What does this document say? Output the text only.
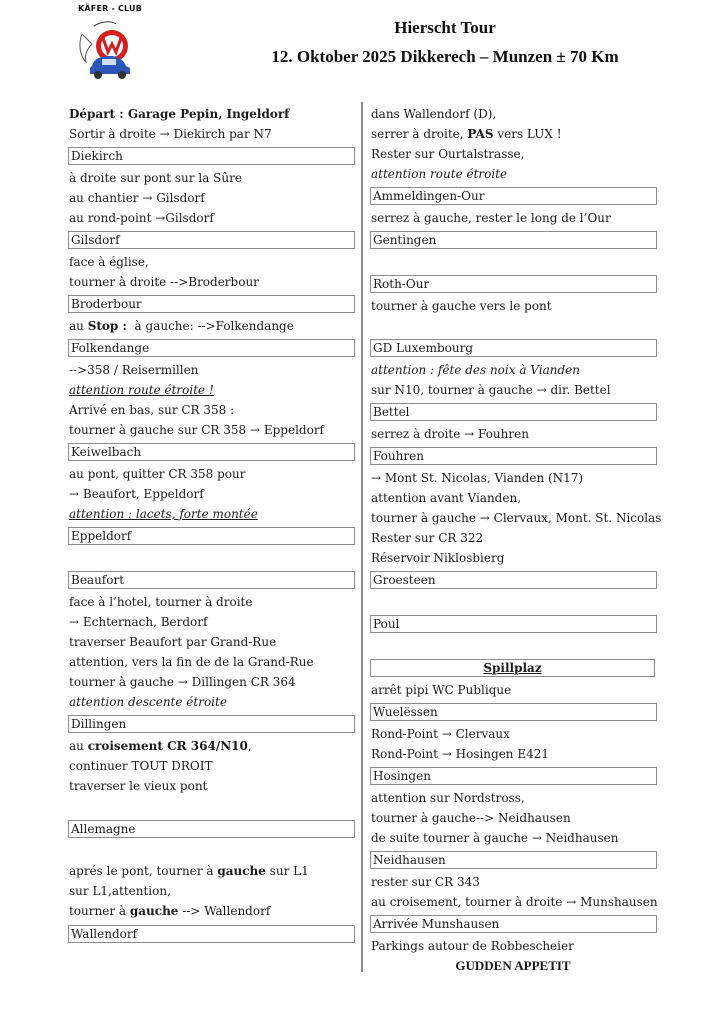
KÄFER - CLUB
Hierscht Tour
12. Oktober 2025 Dikkerech – Munzen ± 70 Km
Départ : Garage Pepin, Ingeldorf
Sortir à droite → Diekirch par N7
Diekirch
à droite sur pont sur la Sûre
au chantier → Gilsdorf
au rond-point →Gilsdorf
Gilsdorf
face à église,
tourner à droite -->Broderbour
Broderbour
au Stop :  à gauche: -->Folkendange
Folkendange
-->358 / Reisermillen
attention route étroite !
Arrivé en bas, sur CR 358 :
tourner à gauche sur CR 358 → Eppeldorf
Keiwelbach
au pont, quitter CR 358 pour
→ Beaufort, Eppeldorf
attention : lacets, forte montée
Eppeldorf
Beaufort
face à l’hotel, tourner à droite
→ Echternach, Berdorf
traverser Beaufort par Grand-Rue
attention, vers la fin de de la Grand-Rue
tourner à gauche → Dillingen CR 364
attention descente étroite
Dillingen
au croisement CR 364/N10,
continuer TOUT DROIT
traverser le vieux pont
Allemagne
aprés le pont, tourner à gauche sur L1
sur L1,attention,
tourner à gauche --> Wallendorf
Wallendorf
dans Wallendorf (D),
serrer à droite, PAS vers LUX !
Rester sur Ourtalstrasse,
attention route étroite
Ammeldingen-Our
serrez à gauche, rester le long de l’Our
Gentingen
Roth-Our
tourner à gauche vers le pont
GD Luxembourg
attention : fête des noix à Vianden
sur N10, tourner à gauche → dir. Bettel
Bettel
serrez à droite → Fouhren
Fouhren
→ Mont St. Nicolas, Vianden (N17)
attention avant Vianden,
tourner à gauche → Clervaux, Mont. St. Nicolas
Rester sur CR 322
Réservoir Niklosbierg
Groesteen
Poul
Spillplaz
arrêt pipi WC Publique
Wuelëssen
Rond-Point → Clervaux
Rond-Point → Hosingen E421
Hosingen
attention sur Nordstross,
tourner à gauche--> Neidhausen
de suite tourner à gauche → Neidhausen
Neidhausen
rester sur CR 343
au croisement, tourner à droite → Munshausen
Arrivée Munshausen
Parkings autour de Robbescheier
GUDDEN APPETIT
